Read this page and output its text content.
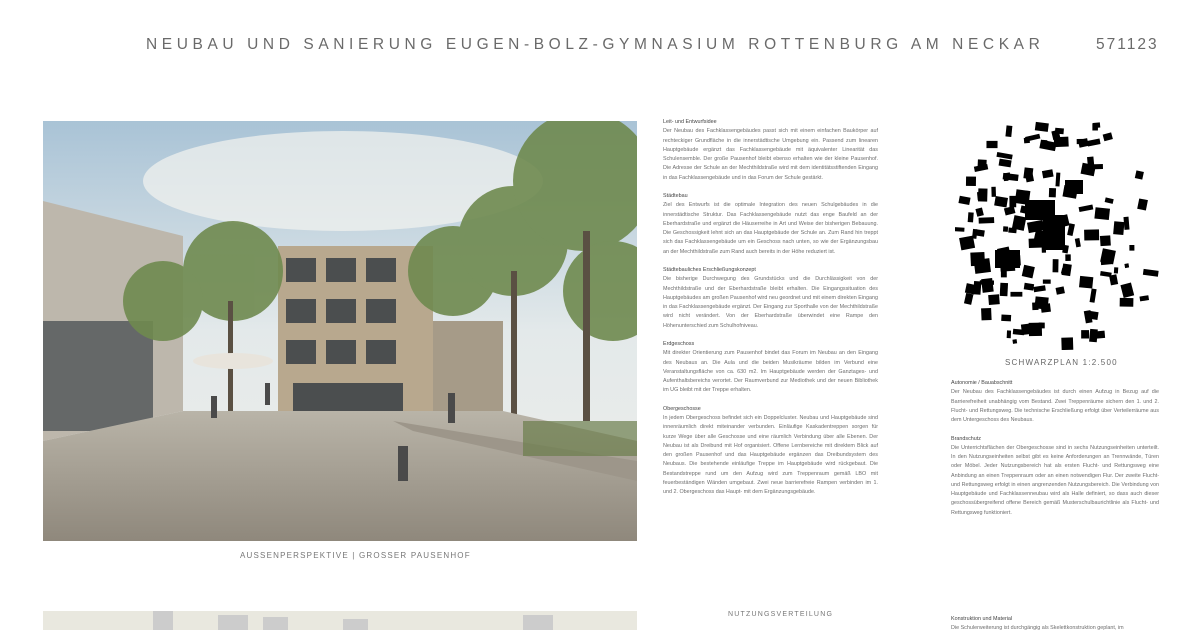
NEUBAU UND SANIERUNG EUGEN-BOLZ-GYMNASIUM ROTTENBURG AM NECKAR	571123
AUSSENPERSPEKTIVE | GROSSER PAUSENHOF
Leit- und Entwurfsidee

Der Neubau des Fachklassengebäudes passt sich mit einem einfachen Baukörper auf rechteckiger Grundfläche in die innerstädtische Umgebung ein. Passend zum linearen Hauptgebäude ergänzt das Fachklassengebäude mit äquivalenter Linearität das Schulensemble. Der große Pausenhof bleibt ebenso erhalten wie der kleine Pausenhof. Die Adresse der Schule an der Mechthildstraße wird mit dem identitätsstiftenden Eingang in das Fachklassengebäude und in das Forum der Schule gestärkt.

Städtebau

Ziel des Entwurfs ist die optimale Integration des neuen Schulgebäudes in die innerstädtische Struktur. Das Fachklassengebäude nutzt das enge Baufeld an der Eberhardstraße und ergänzt die Häuserreihe in Art und Weise der bisherigen Bebauung. Die Geschossigkeit lehnt sich an das Hauptgebäude der Schule an. Zum Rand hin treppt sich das Fachklassengebäude um ein Geschoss nach unten, so wie der Ergänzungsbau an der Mechthildstraße zum Rand auch bereits in der Höhe reduziert ist.

Städtebauliches Erschließungskonzept

Die bisherige Durchwegung des Grundstücks und die Durchlässigkeit von der Mechthildstraße und der Eberhardstraße bleibt erhalten. Die Eingangssituation des Hauptgebäudes am großen Pausenhof wird neu geordnet und mit einem direkten Eingang in das Fachklassengebäude ergänzt. Der Eingang zur Sporthalle von der Mechthildstraße wird nicht verändert. Von der Eberhardstraße überwindet eine Rampe den Höhenunterschied zum Schulhofniveau.

Erdgeschoss

Mit direkter Orientierung zum Pausenhof bindet das Forum im Neubau an den Eingang des Neubaus an. Die Aula und die beiden Musikräume bilden im Verbund eine Veranstaltungsfläche von ca. 630 m2. Im Hauptgebäude werden der Ganztages- und Aufenthaltsbereichs verortet. Der Raumverbund zur Mediothek und der neuen Bibliothek im UG bleibt mit der Treppe erhalten.

Obergeschosse

In jedem Obergeschoss befindet sich ein Doppelcluster. Neubau und Hauptgebäude sind innenräumlich direkt miteinander verbunden. Einläufige Kaskadentreppen sorgen für kurze Wege über alle Geschosse und eine räumlich Verbindung über alle Ebenen. Der Neubau ist als Dreibund mit Hof organisiert. Offene Lernbereiche mit direktem Blick auf den großen Pausenhof und das Hauptgebäude ergänzen das Dreibundsystem des Neubaus. Die bestehende einläufige Treppe im Hauptgebäude wird rückgebaut. Die Bestandstreppe rund um den Aufzug wird zum Treppenraum gemäß LBO mit feuerbeständigen Wänden umgebaut. Zwei neue barrierefreie Rampen verbinden im 1. und 2. Obergeschoss das Haupt- mit dem Ergänzungsgebäude.

SCHWARZPLAN 1:2.500
Autonomie / Bauabschnitt

Der Neubau des Fachklassengebäudes ist durch einen Aufzug in Bezug auf die Barrierefreiheit unabhängig vom Bestand. Zwei Treppenräume sichern den 1. und 2. Flucht- und Rettungsweg. Die technische Erschließung erfolgt über Verteilerräume aus dem Untergeschoss des Neubaus.

Brandschutz

Die Unterrichtsflächen der Obergeschosse sind in sechs Nutzungseinheiten unterteilt. In den Nutzungseinheiten selbst gibt es keine Anforderungen an Trennwände, Türen oder Möbel. Jeder Nutzungsbereich hat als ersten Flucht- und Rettungsweg eine Anbindung an einen Treppenraum oder an einen notwendigen Flur. Der zweite Flucht- und Rettungsweg erfolgt in einen angrenzenden Nutzungsbereich. Die Verbindung von Hauptgebäude und Fachklassenneubau wird als Halle definiert, so dass auch dieser geschossübergreifend offene Bereich gemäß Musterschulbaurichtlinie als Flucht- und Rettungsweg funktioniert.

NUTZUNGSVERTEILUNG
Konstruktion und Material
Die Schulerweiterung ist durchgängig als Skelettkonstruktion geplant, im
